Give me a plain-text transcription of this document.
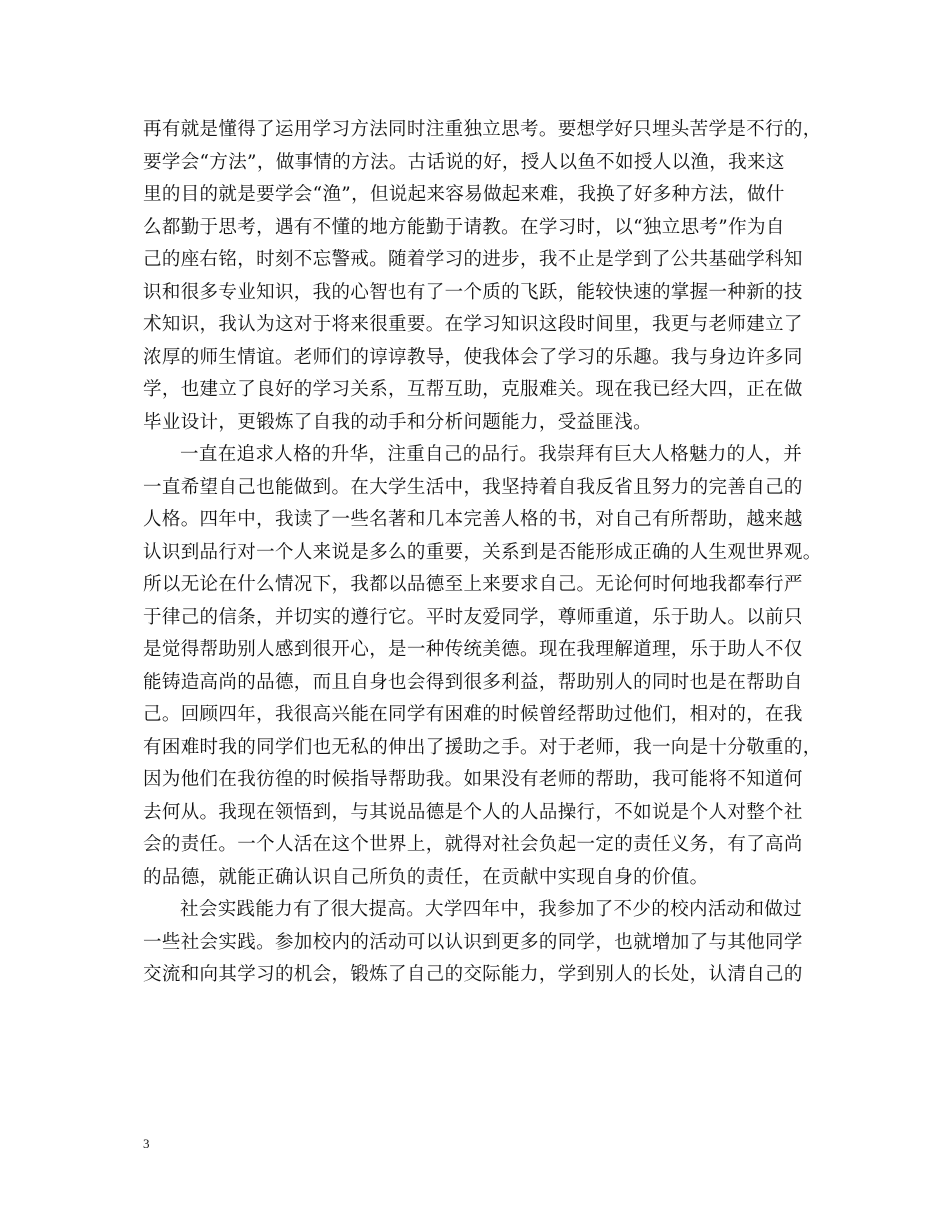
再有就是懂得了运用学习方法同时注重独立思考。要想学好只埋头苦学是不行的，
要学会“方法”，做事情的方法。古话说的好，授人以鱼不如授人以渔，我来这
里的目的就是要学会“渔”，但说起来容易做起来难，我换了好多种方法，做什
么都勤于思考，遇有不懂的地方能勤于请教。在学习时，以“独立思考”作为自
己的座右铭，时刻不忘警戒。随着学习的进步，我不止是学到了公共基础学科知
识和很多专业知识，我的心智也有了一个质的飞跃，能较快速的掌握一种新的技
术知识，我认为这对于将来很重要。在学习知识这段时间里，我更与老师建立了
浓厚的师生情谊。老师们的谆谆教导，使我体会了学习的乐趣。我与身边许多同
学，也建立了良好的学习关系，互帮互助，克服难关。现在我已经大四，正在做
毕业设计，更锻炼了自我的动手和分析问题能力，受益匪浅。
一直在追求人格的升华，注重自己的品行。我崇拜有巨大人格魅力的人，并
一直希望自己也能做到。在大学生活中，我坚持着自我反省且努力的完善自己的
人格。四年中，我读了一些名著和几本完善人格的书，对自己有所帮助，越来越
认识到品行对一个人来说是多么的重要，关系到是否能形成正确的人生观世界观。
所以无论在什么情况下，我都以品德至上来要求自己。无论何时何地我都奉行严
于律己的信条，并切实的遵行它。平时友爱同学，尊师重道，乐于助人。以前只
是觉得帮助别人感到很开心，是一种传统美德。现在我理解道理，乐于助人不仅
能铸造高尚的品德，而且自身也会得到很多利益，帮助别人的同时也是在帮助自
己。回顾四年，我很高兴能在同学有困难的时候曾经帮助过他们，相对的，在我
有困难时我的同学们也无私的伸出了援助之手。对于老师，我一向是十分敬重的，
因为他们在我彷徨的时候指导帮助我。如果没有老师的帮助，我可能将不知道何
去何从。我现在领悟到，与其说品德是个人的人品操行，不如说是个人对整个社
会的责任。一个人活在这个世界上，就得对社会负起一定的责任义务，有了高尚
的品德，就能正确认识自己所负的责任，在贡献中实现自身的价值。
社会实践能力有了很大提高。大学四年中，我参加了不少的校内活动和做过
一些社会实践。参加校内的活动可以认识到更多的同学，也就增加了与其他同学
交流和向其学习的机会，锻炼了自己的交际能力，学到别人的长处，认清自己的
3
